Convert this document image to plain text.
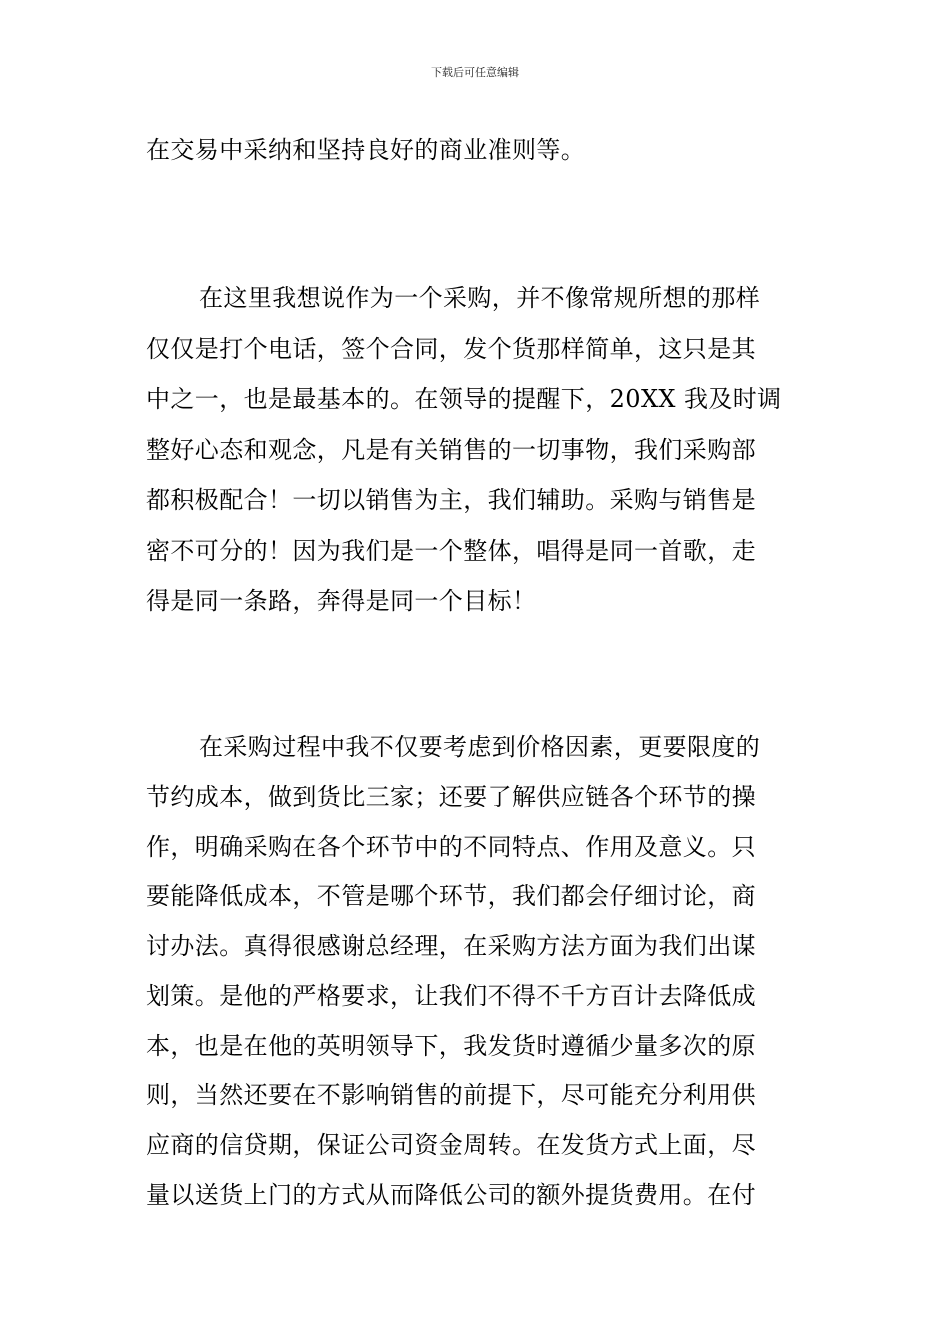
下载后可任意编辑
在交易中采纳和坚持良好的商业准则等。
在这里我想说作为一个采购，并不像常规所想的那样
仅仅是打个电话，签个合同，发个货那样简单，这只是其
中之一，也是最基本的。在领导的提醒下，20XX 我及时调
整好心态和观念，凡是有关销售的一切事物，我们采购部
都积极配合！一切以销售为主，我们辅助。采购与销售是
密不可分的！因为我们是一个整体，唱得是同一首歌，走
得是同一条路，奔得是同一个目标！
在采购过程中我不仅要考虑到价格因素，更要限度的
节约成本，做到货比三家；还要了解供应链各个环节的操
作，明确采购在各个环节中的不同特点、作用及意义。只
要能降低成本，不管是哪个环节，我们都会仔细讨论，商
讨办法。真得很感谢总经理，在采购方法方面为我们出谋
划策。是他的严格要求，让我们不得不千方百计去降低成
本，也是在他的英明领导下，我发货时遵循少量多次的原
则，当然还要在不影响销售的前提下，尽可能充分利用供
应商的信贷期，保证公司资金周转。在发货方式上面，尽
量以送货上门的方式从而降低公司的额外提货费用。在付
